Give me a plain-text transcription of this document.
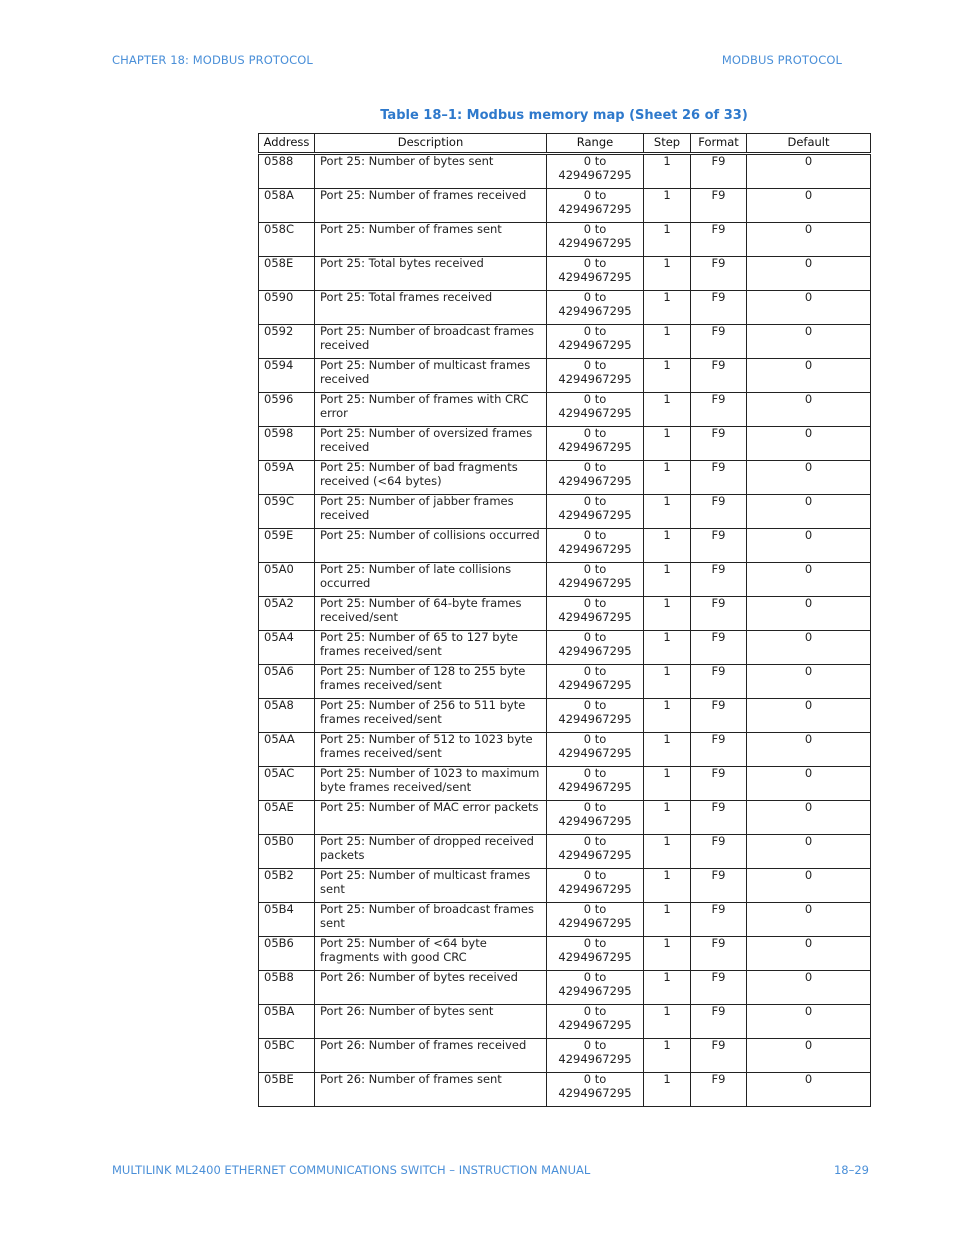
CHAPTER 18: MODBUS PROTOCOL	MODBUS PROTOCOL
Table 18–1: Modbus memory map (Sheet 26 of 33)
Address	Description	Range	Step	Format	Default

0588	Port 25: Number of bytes sent	0 to
4294967295	1	F9	0

058A	Port 25: Number of frames received	0 to
4294967295	1	F9	0

058C	Port 25: Number of frames sent	0 to
4294967295	1	F9	0

058E	Port 25: Total bytes received	0 to
4294967295	1	F9	0

0590	Port 25: Total frames received	0 to
4294967295	1	F9	0

0592	Port 25: Number of broadcast frames received	0 to
4294967295	1	F9	0

0594	Port 25: Number of multicast frames received	0 to
4294967295	1	F9	0

0596	Port 25: Number of frames with CRC error	0 to
4294967295	1	F9	0

0598	Port 25: Number of oversized frames received	0 to
4294967295	1	F9	0

059A	Port 25: Number of bad fragments received (<64 bytes)	0 to
4294967295	1	F9	0

059C	Port 25: Number of jabber frames received	0 to
4294967295	1	F9	0

059E	Port 25: Number of collisions occurred	0 to
4294967295	1	F9	0

05A0	Port 25: Number of late collisions occurred	0 to
4294967295	1	F9	0

05A2	Port 25: Number of 64-byte frames received/sent	0 to
4294967295	1	F9	0

05A4	Port 25: Number of 65 to 127 byte frames received/sent	0 to
4294967295	1	F9	0

05A6	Port 25: Number of 128 to 255 byte frames received/sent	0 to
4294967295	1	F9	0

05A8	Port 25: Number of 256 to 511 byte frames received/sent	0 to
4294967295	1	F9	0

05AA	Port 25: Number of 512 to 1023 byte frames received/sent	0 to
4294967295	1	F9	0

05AC	Port 25: Number of 1023 to maximum byte frames received/sent	0 to
4294967295	1	F9	0

05AE	Port 25: Number of MAC error packets	0 to
4294967295	1	F9	0

05B0	Port 25: Number of dropped received packets	0 to
4294967295	1	F9	0

05B2	Port 25: Number of multicast frames sent	0 to
4294967295	1	F9	0

05B4	Port 25: Number of broadcast frames sent	0 to
4294967295	1	F9	0

05B6	Port 25: Number of <64 byte fragments with good CRC	0 to
4294967295	1	F9	0

05B8	Port 26: Number of bytes received	0 to
4294967295	1	F9	0

05BA	Port 26: Number of bytes sent	0 to
4294967295	1	F9	0

05BC	Port 26: Number of frames received	0 to
4294967295	1	F9	0

05BE	Port 26: Number of frames sent	0 to
4294967295	1	F9	0
MULTILINK ML2400 ETHERNET COMMUNICATIONS SWITCH – INSTRUCTION MANUAL	18–29
